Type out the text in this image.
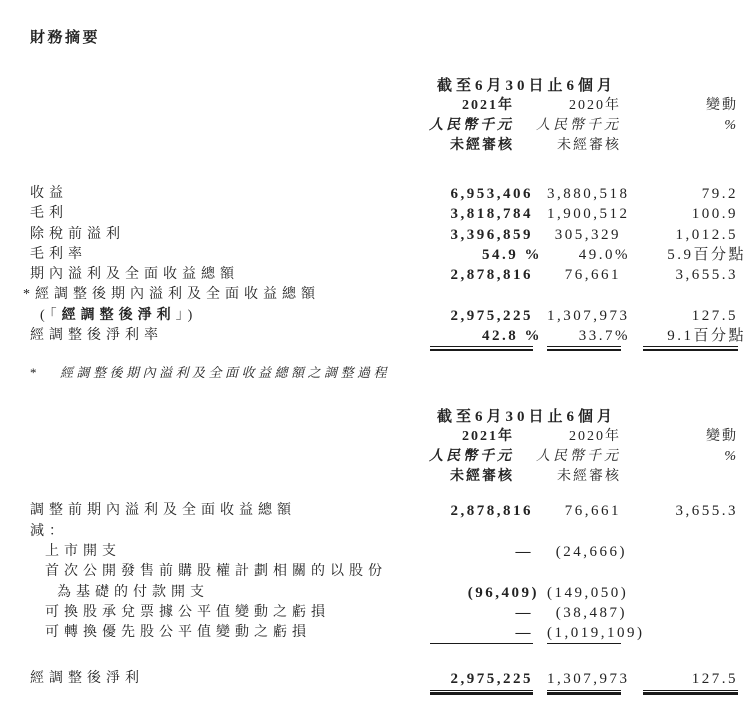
財務摘要
截至6月30日止6個月
2021年	2020年	變動
人民幣千元	人民幣千元	%
未經審核	未經審核
收益	6,953,406 3,880,518	79.2
毛利	3,818,784 1,900,512	100.9
除稅前溢利	3,396,859	305,329	1,012.5
毛利率	54.9 %	49.0%	5.9百分點
期內溢利及全面收益總額	2,878,816	76,661	3,655.3
*經調整後期內溢利及全面收益總額
(「經調整後淨利」)	2,975,225 1,307,973	127.5
經調整後淨利率	42.8 %	33.7%	9.1百分點
* 經調整後期內溢利及全面收益總額之調整過程
截至6月30日止6個月
2021年	2020年	變動
人民幣千元	人民幣千元	%
未經審核	未經審核
調整前期內溢利及全面收益總額	2,878,816	76,661	3,655.3
減：
上市開支	—	(24,666)
首次公開發售前購股權計劃相關的以股份
為基礎的付款開支	(96,409) (149,050)
可換股承兌票據公平值變動之虧損	—	(38,487)
可轉換優先股公平值變動之虧損	— (1,019,109)
經調整後淨利	2,975,225 1,307,973	127.5
